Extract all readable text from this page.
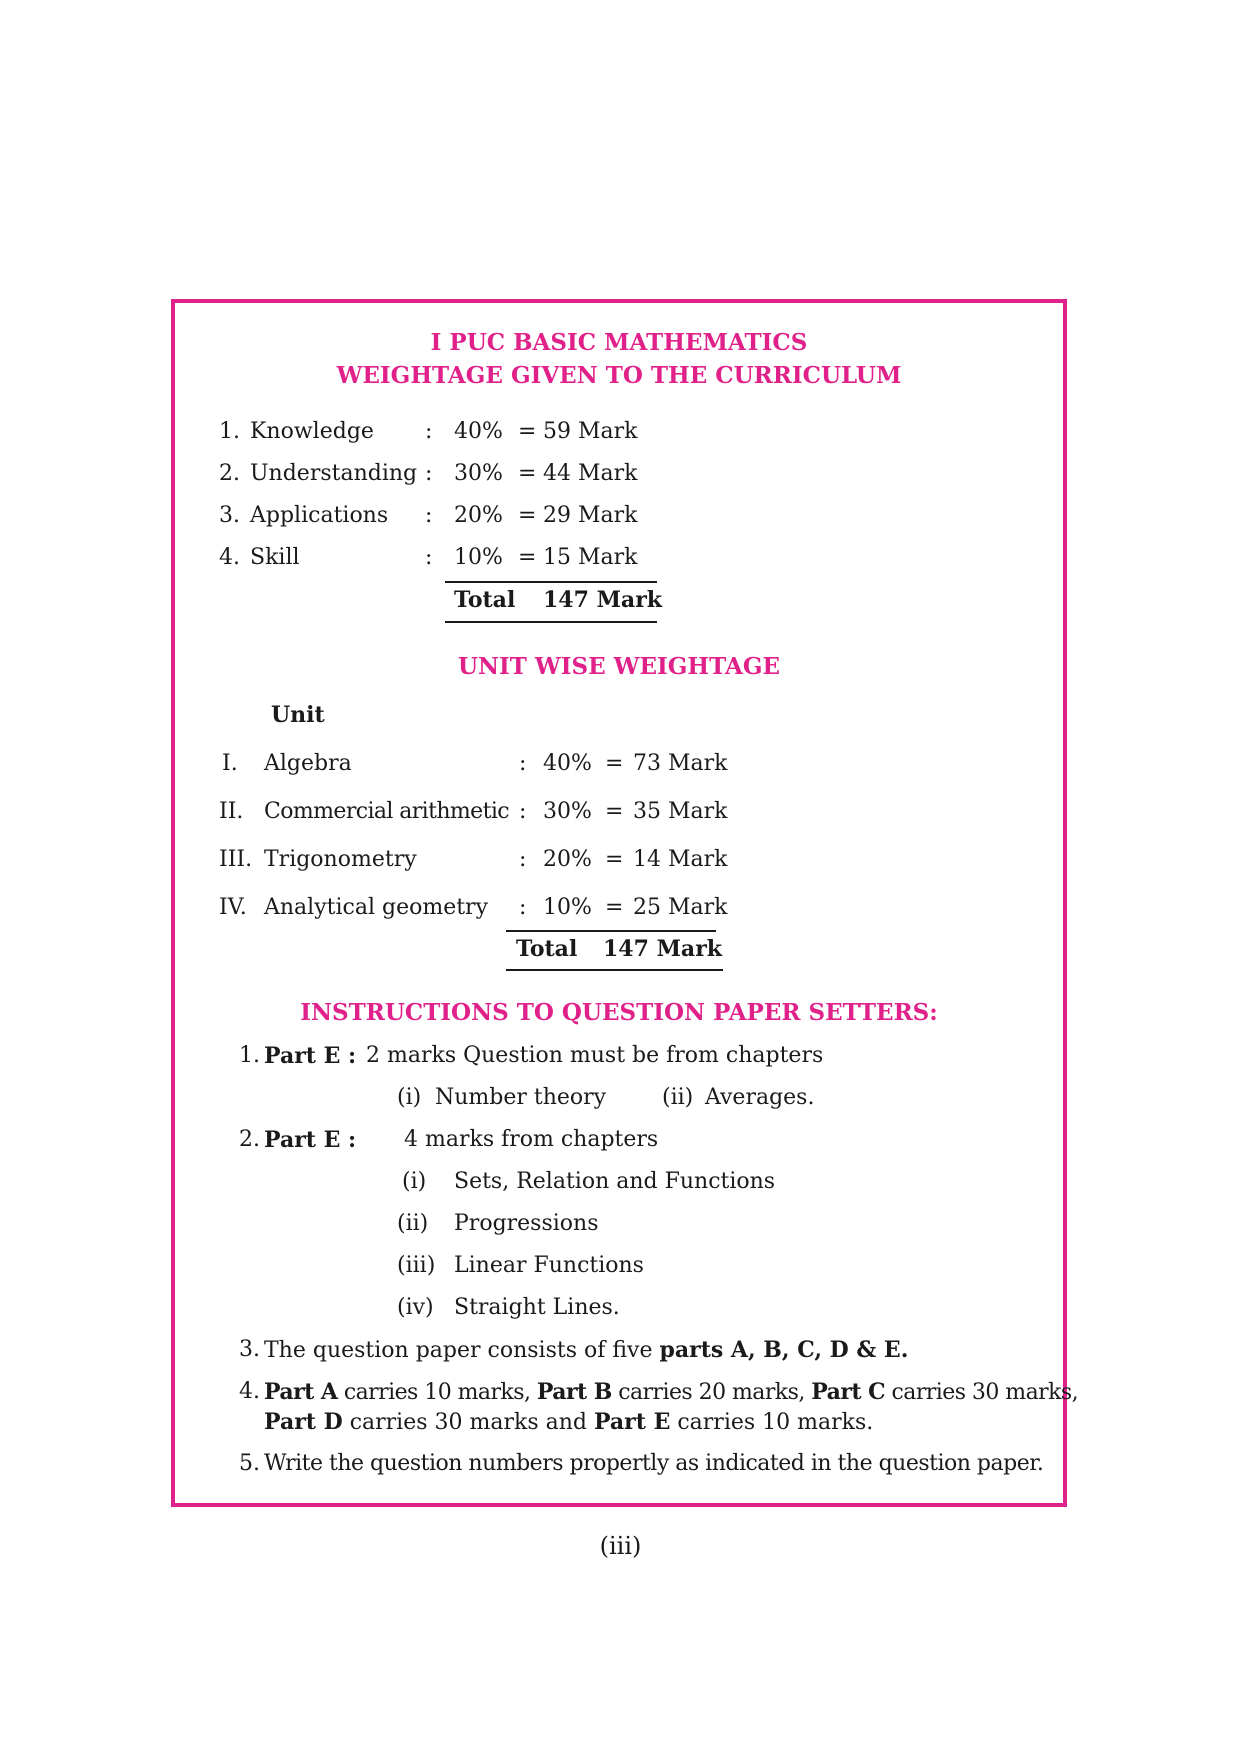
I PUC BASIC MATHEMATICS
WEIGHTAGE GIVEN TO THE CURRICULUM
1. Knowledge : 40% = 59 Mark
2. Understanding : 30% = 44 Mark
3. Applications : 20% = 29 Mark
4. Skill	: 10% = 15 Mark
Total 147 Mark
UNIT WISE WEIGHTAGE
Unit
I. Algebra	: 40% = 73 Mark
II. Commercial arithmetic : 30% = 35 Mark
III. Trigonometry	: 20% = 14 Mark
IV. Analytical geometry : 10% = 25 Mark
Total 147 Mark
INSTRUCTIONS TO QUESTION PAPER SETTERS:
1. Part E : 2 marks Question must be from chapters
(i) Number theory	(ii) Averages.
2. Part E : 4 marks from chapters
(i) Sets, Relation and Functions
(ii) Progressions
(iii) Linear Functions
(iv) Straight Lines.
3. The question paper consists of five parts A, B, C, D & E.
4. Part A carries 10 marks, Part B carries 20 marks, Part C carries 30 marks,
Part D carries 30 marks and Part E carries 10 marks.
5. Write the question numbers propertly as indicated in the question paper.
(iii)
